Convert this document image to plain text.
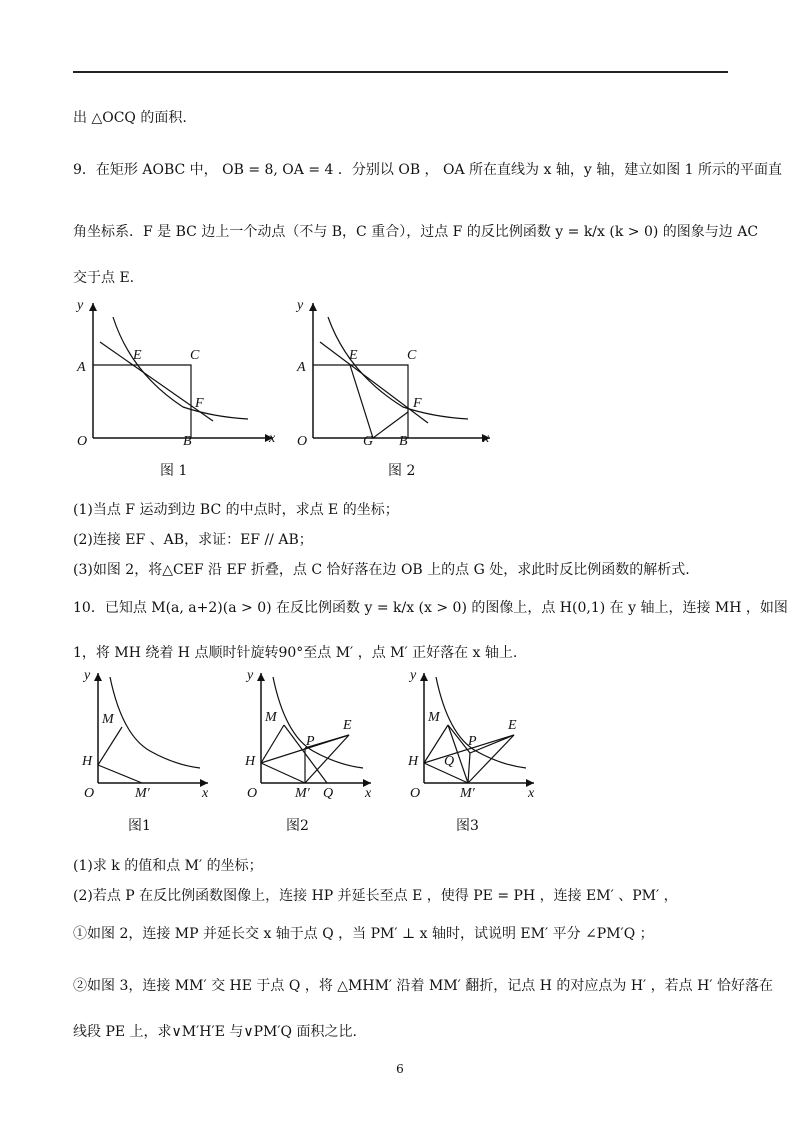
出 △OCQ 的面积.
9．在矩形 AOBC 中， OB = 8, OA = 4 ．分别以 OB ， OA 所在直线为 x 轴，y 轴，建立如图 1 所示的平面直
角坐标系．F 是 BC 边上一个动点（不与 B，C 重合），过点 F 的反比例函数 y = k/x (k > 0) 的图象与边 AC
交于点 E.
y
x
O
A
E	C
F
B
图 1
y
x
O
A
E	C
F
G B
图 2
(1)当点 F 运动到边 BC 的中点时，求点 E 的坐标；
(2)连接 EF 、AB，求证：EF // AB；
(3)如图 2，将△CEF 沿 EF 折叠，点 C 恰好落在边 OB 上的点 G 处，求此时反比例函数的解析式.
10．已知点 M(a, a+2)(a > 0) 在反比例函数 y = k/x (x > 0) 的图像上，点 H(0,1) 在 y 轴上，连接 MH ，如图
1，将 MH 绕着 H 点顺时针旋转90°至点 M′ ，点 M′ 正好落在 x 轴上.
y
x
O
M
H
M′
图1
y
x
O
M
H
P
E
M′ Q
图2
y
x
O
M
H
P
E
Q
M′
图3
(1)求 k 的值和点 M′ 的坐标；
(2)若点 P 在反比例函数图像上，连接 HP 并延长至点 E ，使得 PE = PH ，连接 EM′ 、PM′ ，
①如图 2，连接 MP 并延长交 x 轴于点 Q ，当 PM′ ⊥ x 轴时，试说明 EM′ 平分 ∠PM′Q ；
②如图 3，连接 MM′ 交 HE 于点 Q ，将 △MHM′ 沿着 MM′ 翻折，记点 H 的对应点为 H′ ，若点 H′ 恰好落在
线段 PE 上，求∨M′H′E 与∨PM′Q 面积之比.
6
